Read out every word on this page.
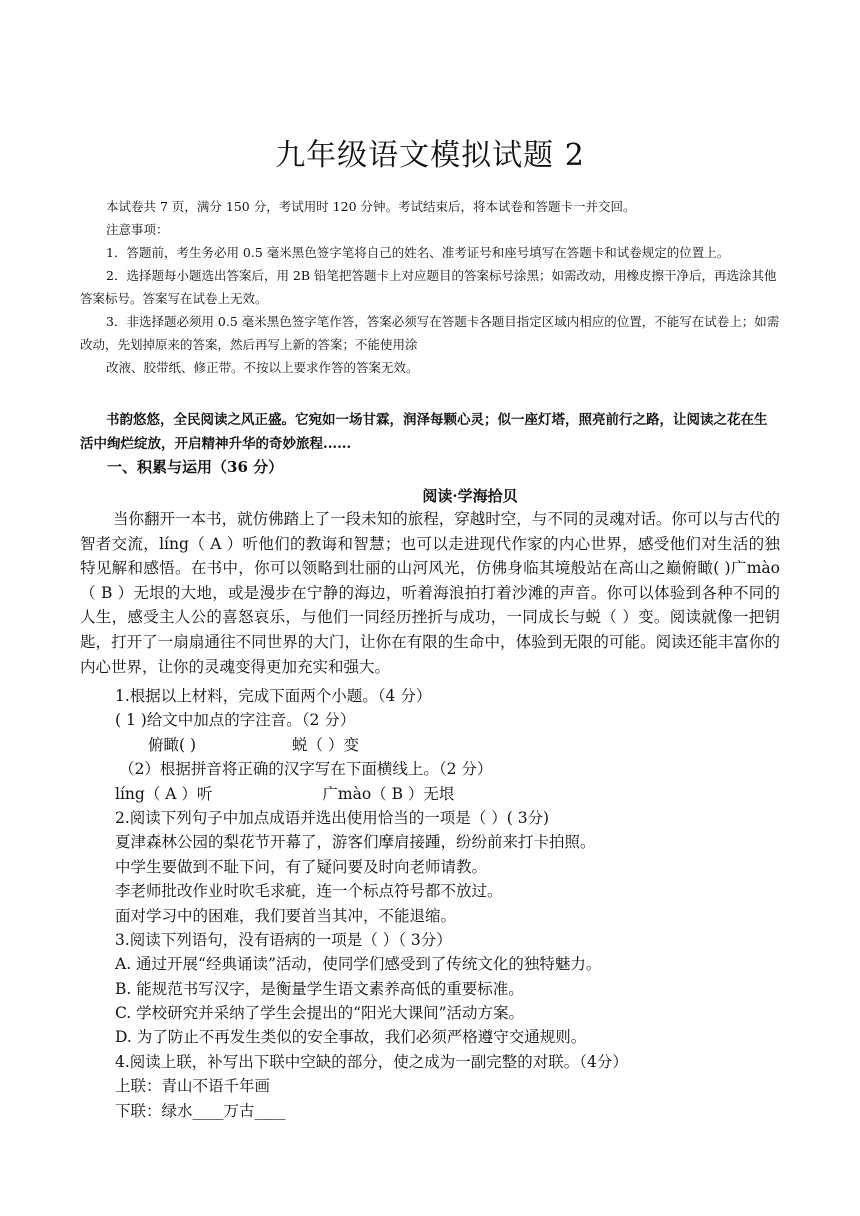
九年级语文模拟试题 2

本试卷共 7 页，满分 150 分，考试用时 120 分钟。考试结束后，将本试卷和答题卡一并交回。

注意事项：

1．答题前，考生务必用 0.5 毫米黑色签字笔将自己的姓名、准考证号和座号填写在答题卡和试卷规定的位置上。

2．选择题每小题选出答案后，用 2B 铅笔把答题卡上对应题目的答案标号涂黑；如需改动，用橡皮擦干净后，再选涂其他答案标号。答案写在试卷上无效。

3．非选择题必须用 0.5 毫米黑色签字笔作答，答案必须写在答题卡各题目指定区域内相应的位置，不能写在试卷上；如需改动，先划掉原来的答案，然后再写上新的答案；不能使用涂

改液、胶带纸、修正带。不按以上要求作答的答案无效。

书韵悠悠，全民阅读之风正盛。它宛如一场甘霖，润泽每颗心灵；似一座灯塔，照亮前行之路，让阅读之花在生活中绚烂绽放，开启精神升华的奇妙旅程......

一、积累与运用（36 分）
阅读·学海拾贝

当你翻开一本书，就仿佛踏上了一段未知的旅程，穿越时空，与不同的灵魂对话。你可以与古代的智者交流，líng（ A ）听他们的教诲和智慧；也可以走进现代作家的内心世界，感受他们对生活的独特见解和感悟。在书中，你可以领略到壮丽的山河风光，仿佛身临其境般站在高山之巅俯瞰( )广mào（ B ）无垠的大地，或是漫步在宁静的海边，听着海浪拍打着沙滩的声音。你可以体验到各种不同的人生，感受主人公的喜怒哀乐，与他们一同经历挫折与成功，一同成长与蜕（ ）变。阅读就像一把钥匙，打开了一扇扇通往不同世界的大门，让你在有限的生命中，体验到无限的可能。阅读还能丰富你的内心世界，让你的灵魂变得更加充实和强大。

1.根据以上材料，完成下面两个小题。（4 分）
( 1 )给文中加点的字注音。（2 分）
俯瞰( )	蜕（ ）变
（2）根据拼音将正确的汉字写在下面横线上。（2 分）
líng（ A ）听	广mào（ B ）无垠
2.阅读下列句子中加点成语并选出使用恰当的一项是（ ）( 3分)
夏津森林公园的梨花节开幕了，游客们摩肩接踵，纷纷前来打卡拍照。
中学生要做到不耻下问，有了疑问要及时向老师请教。
李老师批改作业时吹毛求疵，连一个标点符号都不放过。
面对学习中的困难，我们要首当其冲，不能退缩。
3.阅读下列语句，没有语病的一项是（ ）（ 3分）
A. 通过开展“经典诵读”活动，使同学们感受到了传统文化的独特魅力。
B. 能规范书写汉字，是衡量学生语文素养高低的重要标准。
C. 学校研究并采纳了学生会提出的“阳光大课间”活动方案。
D. 为了防止不再发生类似的安全事故，我们必须严格遵守交通规则。
4.阅读上联，补写出下联中空缺的部分，使之成为一副完整的对联。（4分）
上联：青山不语千年画
下联：绿水____万古____
